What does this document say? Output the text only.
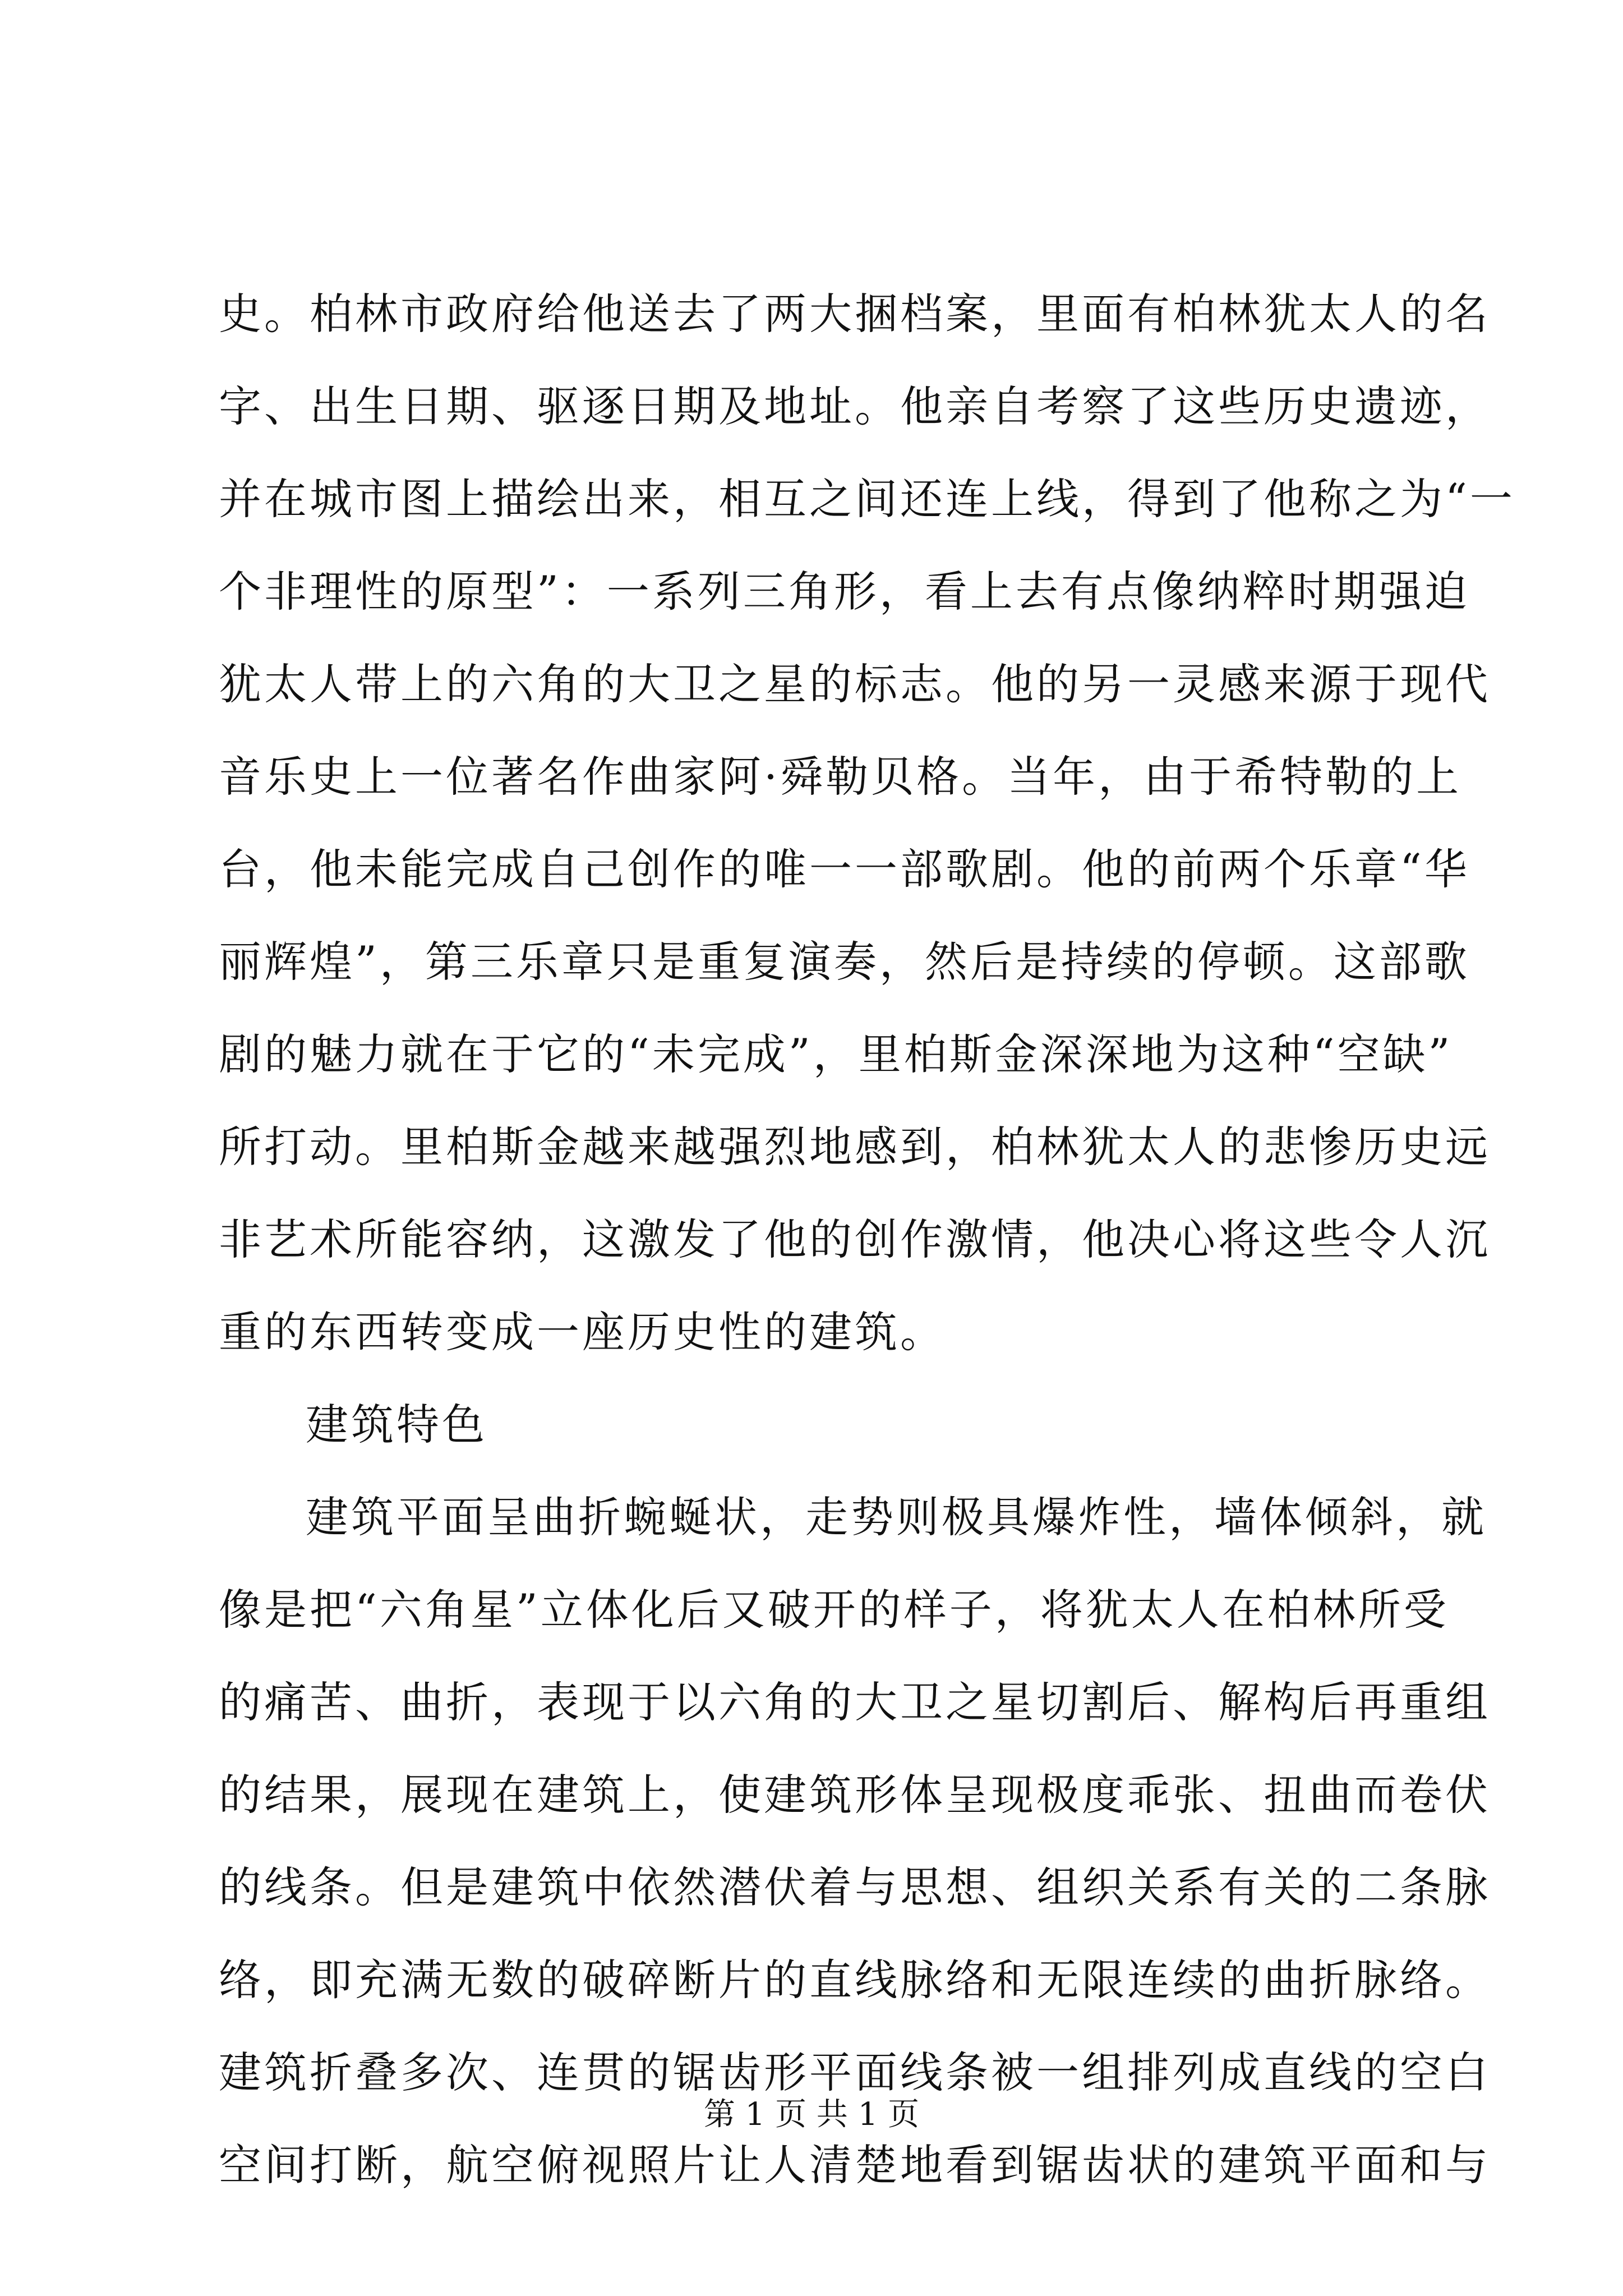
史。柏林市政府给他送去了两大捆档案，里面有柏林犹太人的名
字、出生日期、驱逐日期及地址。他亲自考察了这些历史遗迹，
并在城市图上描绘出来，相互之间还连上线，得到了他称之为“一
个非理性的原型”：一系列三角形，看上去有点像纳粹时期强迫
犹太人带上的六角的大卫之星的标志。他的另一灵感来源于现代
音乐史上一位著名作曲家阿·舜勒贝格。当年，由于希特勒的上
台，他未能完成自己创作的唯一一部歌剧。他的前两个乐章“华
丽辉煌”，第三乐章只是重复演奏，然后是持续的停顿。这部歌
剧的魅力就在于它的“未完成”，里柏斯金深深地为这种“空缺”
所打动。里柏斯金越来越强烈地感到，柏林犹太人的悲惨历史远
非艺术所能容纳，这激发了他的创作激情，他决心将这些令人沉
重的东西转变成一座历史性的建筑。
建筑特色
建筑平面呈曲折蜿蜒状，走势则极具爆炸性，墙体倾斜，就
像是把“六角星”立体化后又破开的样子，将犹太人在柏林所受
的痛苦、曲折，表现于以六角的大卫之星切割后、解构后再重组
的结果，展现在建筑上，使建筑形体呈现极度乖张、扭曲而卷伏
的线条。但是建筑中依然潜伏着与思想、组织关系有关的二条脉
络，即充满无数的破碎断片的直线脉络和无限连续的曲折脉络。
建筑折叠多次、连贯的锯齿形平面线条被一组排列成直线的空白
空间打断，航空俯视照片让人清楚地看到锯齿状的建筑平面和与
第 1 页 共 1 页
